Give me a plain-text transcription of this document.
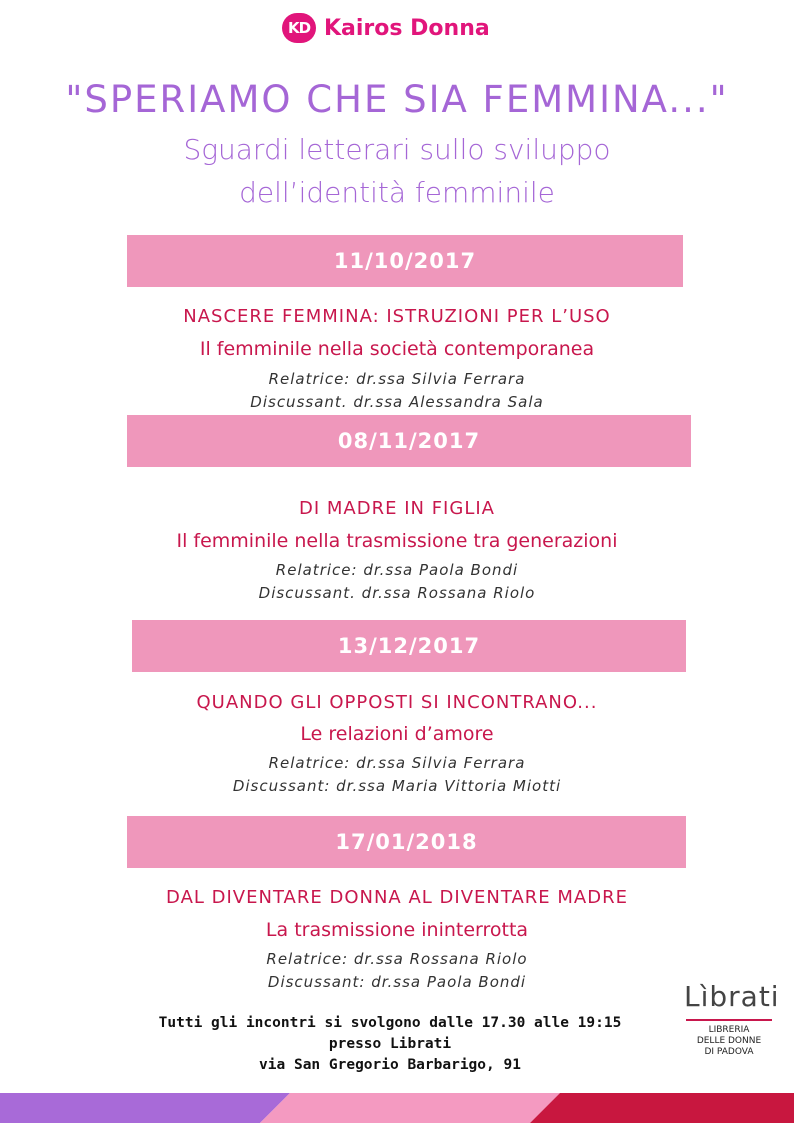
KD Kairos Donna
"SPERIAMO CHE SIA FEMMINA..."
Sguardi letterari sullo sviluppo
dell’identità femminile
11/10/2017
NASCERE FEMMINA: ISTRUZIONI PER L’USO
Il femminile nella società contemporanea
Relatrice: dr.ssa Silvia Ferrara
Discussant. dr.ssa Alessandra Sala
08/11/2017
DI MADRE IN FIGLIA
Il femminile nella trasmissione tra generazioni
Relatrice: dr.ssa Paola Bondi
Discussant. dr.ssa Rossana Riolo
13/12/2017
QUANDO GLI OPPOSTI SI INCONTRANO...
Le relazioni d’amore
Relatrice: dr.ssa Silvia Ferrara
Discussant: dr.ssa Maria Vittoria Miotti
17/01/2018
DAL DIVENTARE DONNA AL DIVENTARE MADRE
La trasmissione ininterrotta
Relatrice: dr.ssa Rossana Riolo
Discussant: dr.ssa Paola Bondi
Tutti gli incontri si svolgono dalle 17.30 alle 19:15
presso Librati
via San Gregorio Barbarigo, 91
Lìbrati
LIBRERIA
DELLE DONNE
DI PADOVA
